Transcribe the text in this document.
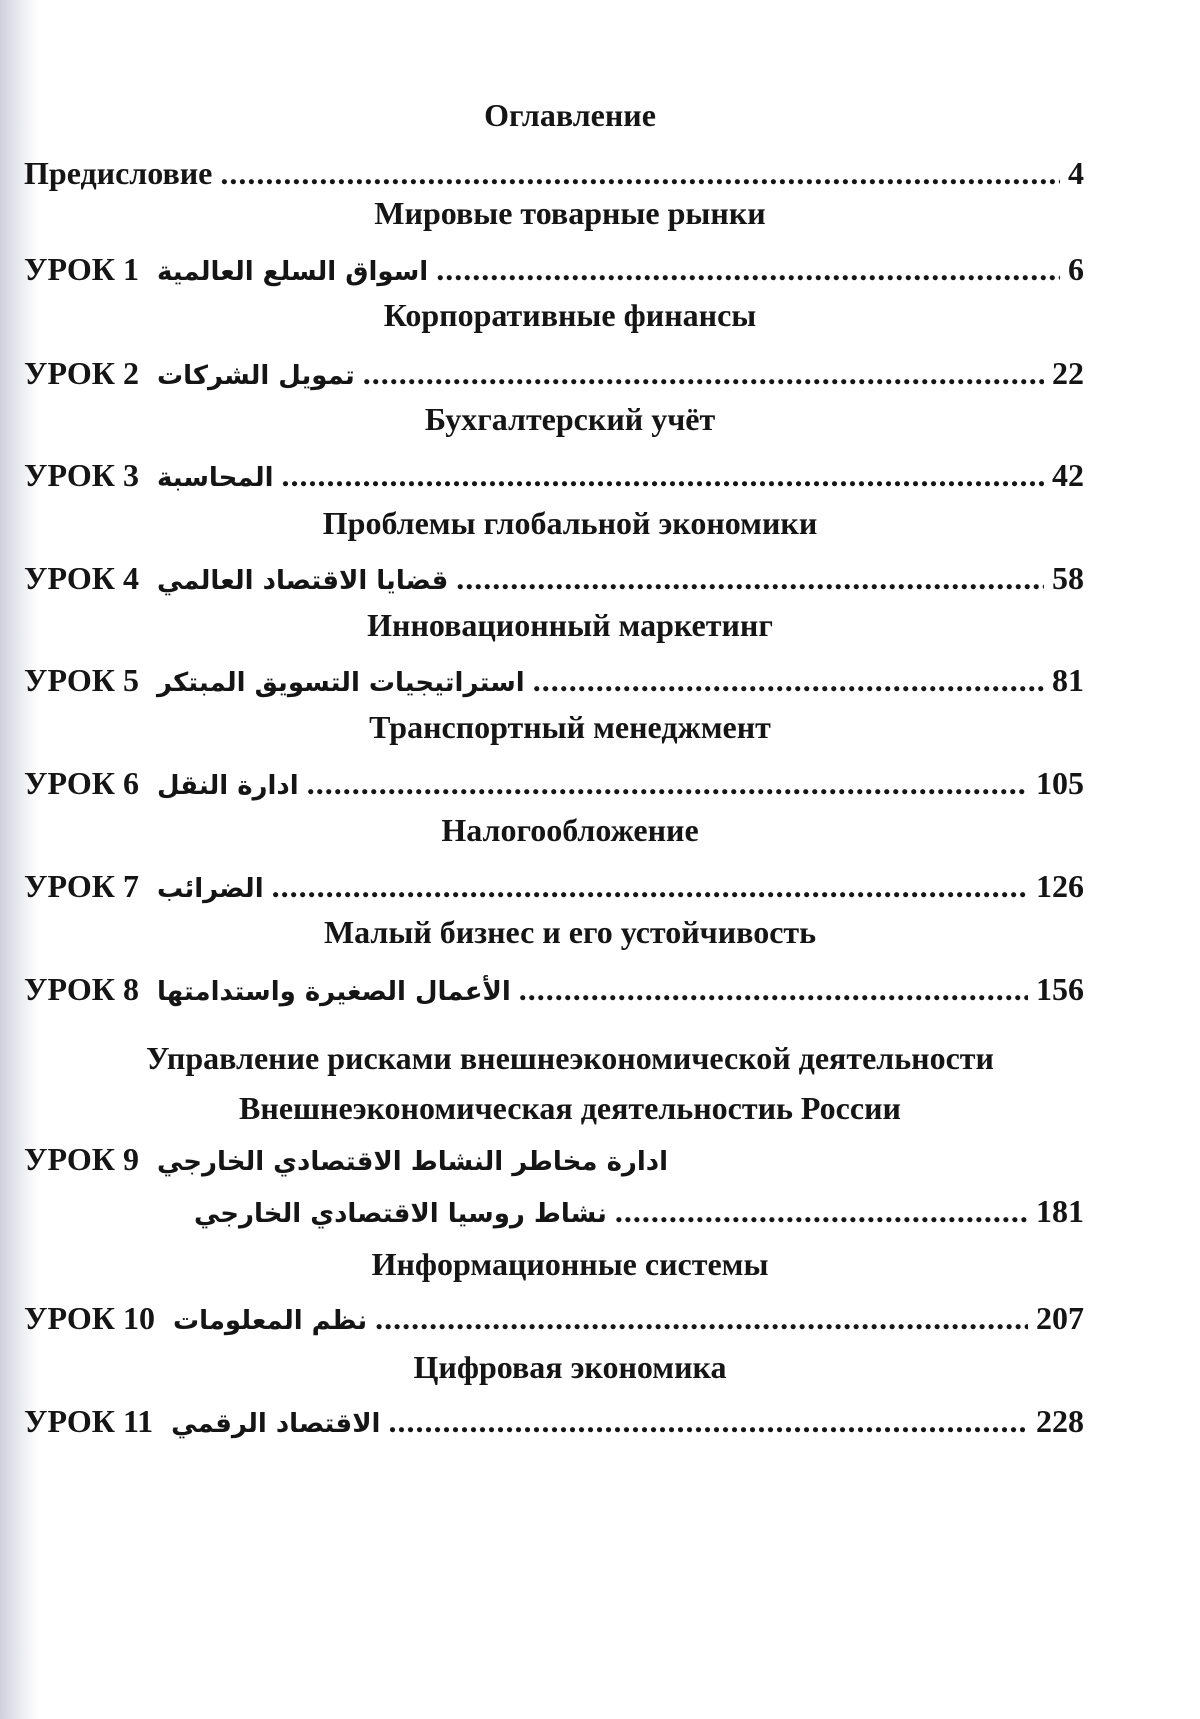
Оглавление
Предисловие .....	4
Мировые товарные рынки
УРОК 1 اسواق السلع العالمية .....	6
Корпоративные финансы
УРОК 2 تمويل الشركات .....	22
Бухгалтерский учёт
УРОК 3 المحاسبة .....	42
Проблемы глобальной экономики
УРОК 4 قضايا الاقتصاد العالمي .....	58
Инновационный маркетинг
УРОК 5 استراتيجيات التسويق المبتكر .....	81
Транспортный менеджмент
УРОК 6 ادارة النقل .....	105
Налогообложение
УРОК 7 الضرائب .....	126
Малый бизнес и его устойчивость
УРОК 8 الأعمال الصغيرة واستدامتها .....	156
Управление рисками внешнеэкономической деятельности
Внешнеэкономическая деятельностиь России
УРОК 9 ادارة مخاطر النشاط الاقتصادي الخارجي
نشاط روسيا الاقتصادي الخارجي .....	181
Информационные системы
УРОК 10 نظم المعلومات .....	207
Цифровая экономика
УРОК 11 الاقتصاد الرقمي .....	228
